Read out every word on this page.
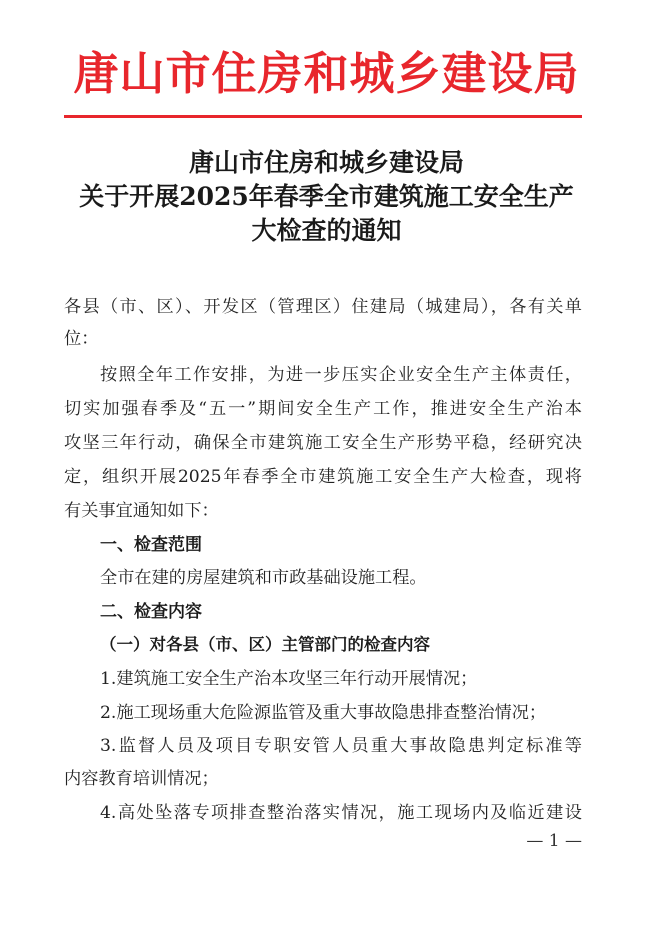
唐山市住房和城乡建设局
唐山市住房和城乡建设局
关于开展2025年春季全市建筑施工安全生产
大检查的通知
各县（市、区）、开发区（管理区）住建局（城建局），各有关单
位：
按照全年工作安排，为进一步压实企业安全生产主体责任，
切实加强春季及“五一”期间安全生产工作，推进安全生产治本
攻坚三年行动，确保全市建筑施工安全生产形势平稳，经研究决
定，组织开展2025年春季全市建筑施工安全生产大检查，现将
有关事宜通知如下：
一、检查范围
全市在建的房屋建筑和市政基础设施工程。
二、检查内容
（一）对各县（市、区）主管部门的检查内容
1.建筑施工安全生产治本攻坚三年行动开展情况；
2.施工现场重大危险源监管及重大事故隐患排查整治情况；
3.监督人员及项目专职安管人员重大事故隐患判定标准等
内容教育培训情况；
4.高处坠落专项排查整治落实情况，施工现场内及临近建设
— 1 —
